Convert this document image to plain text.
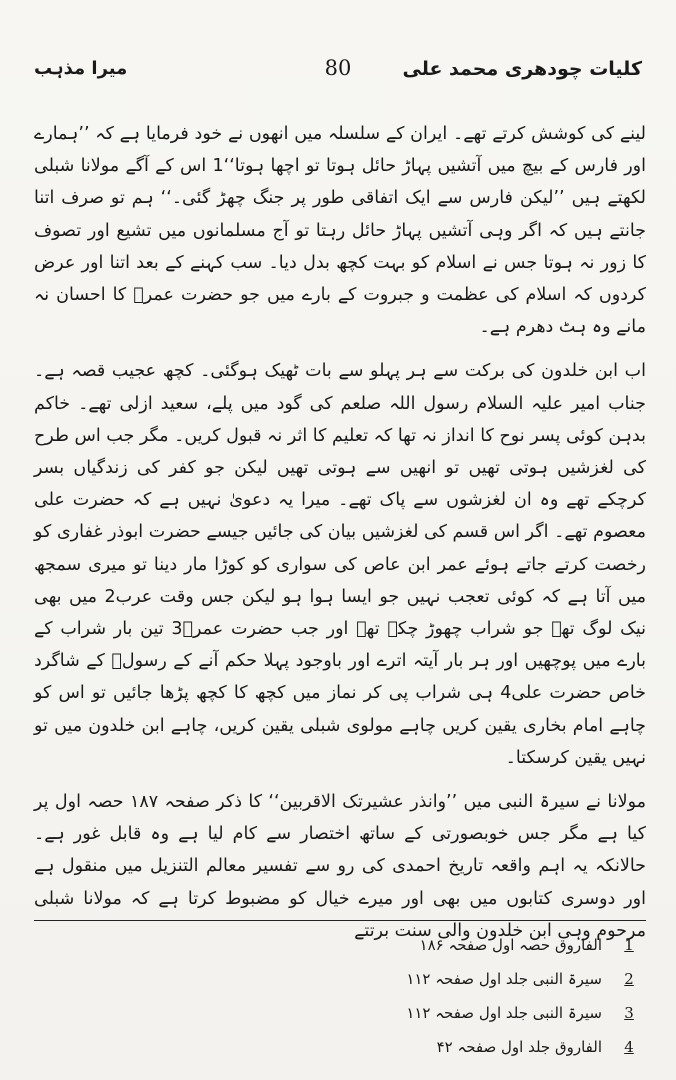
کلیات چودھری محمد علی
80
میرا مذہب

لینے کی کوشش کرتے تھے۔ ایران کے سلسلہ میں انھوں نے خود فرمایا ہے کہ ’’ہمارے اور فارس کے بیچ میں آتشیں پہاڑ حائل ہوتا تو اچھا ہوتا‘‘1 اس کے آگے مولانا شبلی لکھتے ہیں ’’لیکن فارس سے ایک اتفاقی طور پر جنگ چھڑ گئی۔‘‘ ہم تو صرف اتنا جانتے ہیں کہ اگر وہی آتشیں پہاڑ حائل رہتا تو آج مسلمانوں میں تشیع اور تصوف کا زور نہ ہوتا جس نے اسلام کو بہت کچھ بدل دیا۔ سب کہنے کے بعد اتنا اور عرض کردوں کہ اسلام کی عظمت و جبروت کے بارے میں جو حضرت عمرؓ کا احسان نہ مانے وہ ہٹ دھرم ہے۔

اب ابن خلدون کی برکت سے ہر پہلو سے بات ٹھیک ہوگئی۔ کچھ عجیب قصہ ہے۔ جناب امیر علیہ السلام رسول اللہ صلعم کی گود میں پلے، سعید ازلی تھے۔ خاکم بدہن کوئی پسر نوح کا انداز نہ تھا کہ تعلیم کا اثر نہ قبول کریں۔ مگر جب اس طرح کی لغزشیں ہوتی تھیں تو انھیں سے ہوتی تھیں لیکن جو کفر کی زندگیاں بسر کرچکے تھے وہ ان لغزشوں سے پاک تھے۔ میرا یہ دعویٰ نہیں ہے کہ حضرت علی معصوم تھے۔ اگر اس قسم کی لغزشیں بیان کی جائیں جیسے حضرت ابوذر غفاری کو رخصت کرتے جاتے ہوئے عمر ابن عاص کی سواری کو کوڑا مار دینا تو میری سمجھ میں آتا ہے کہ کوئی تعجب نہیں جو ایسا ہوا ہو لیکن جس وقت عرب2 میں بھی نیک لوگ تھے جو شراب چھوڑ چکے تھے اور جب حضرت عمرؓ3 تین بار شراب کے بارے میں پوچھیں اور ہر بار آیتہ اترے اور باوجود پہلا حکم آنے کے رسولؐ کے شاگرد خاص حضرت علی4 ہی شراب پی کر نماز میں کچھ کا کچھ پڑھا جائیں تو اس کو چاہے امام بخاری یقین کریں چاہے مولوی شبلی یقین کریں، چاہے ابن خلدون میں تو نہیں یقین کرسکتا۔

مولانا نے سیرۃ النبی میں ’’وانذر عشیرتک الاقربین‘‘ کا ذکر صفحہ ۱۸۷ حصہ اول پر کیا ہے مگر جس خوبصورتی کے ساتھ اختصار سے کام لیا ہے وہ قابل غور ہے۔ حالانکہ یہ اہم واقعہ تاریخ احمدی کی رو سے تفسیر معالم التنزیل میں منقول ہے اور دوسری کتابوں میں بھی اور میرے خیال کو مضبوط کرتا ہے کہ مولانا شبلی مرحوم وہی ابن خلدون والی سنت برتتے

1
الفاروق حصہ اول صفحہ ۱۸۶
2
سیرۃ النبی جلد اول صفحہ ۱۱۲
3
سیرۃ النبی جلد اول صفحہ ۱۱۲
4
الفاروق جلد اول صفحہ ۴۲
